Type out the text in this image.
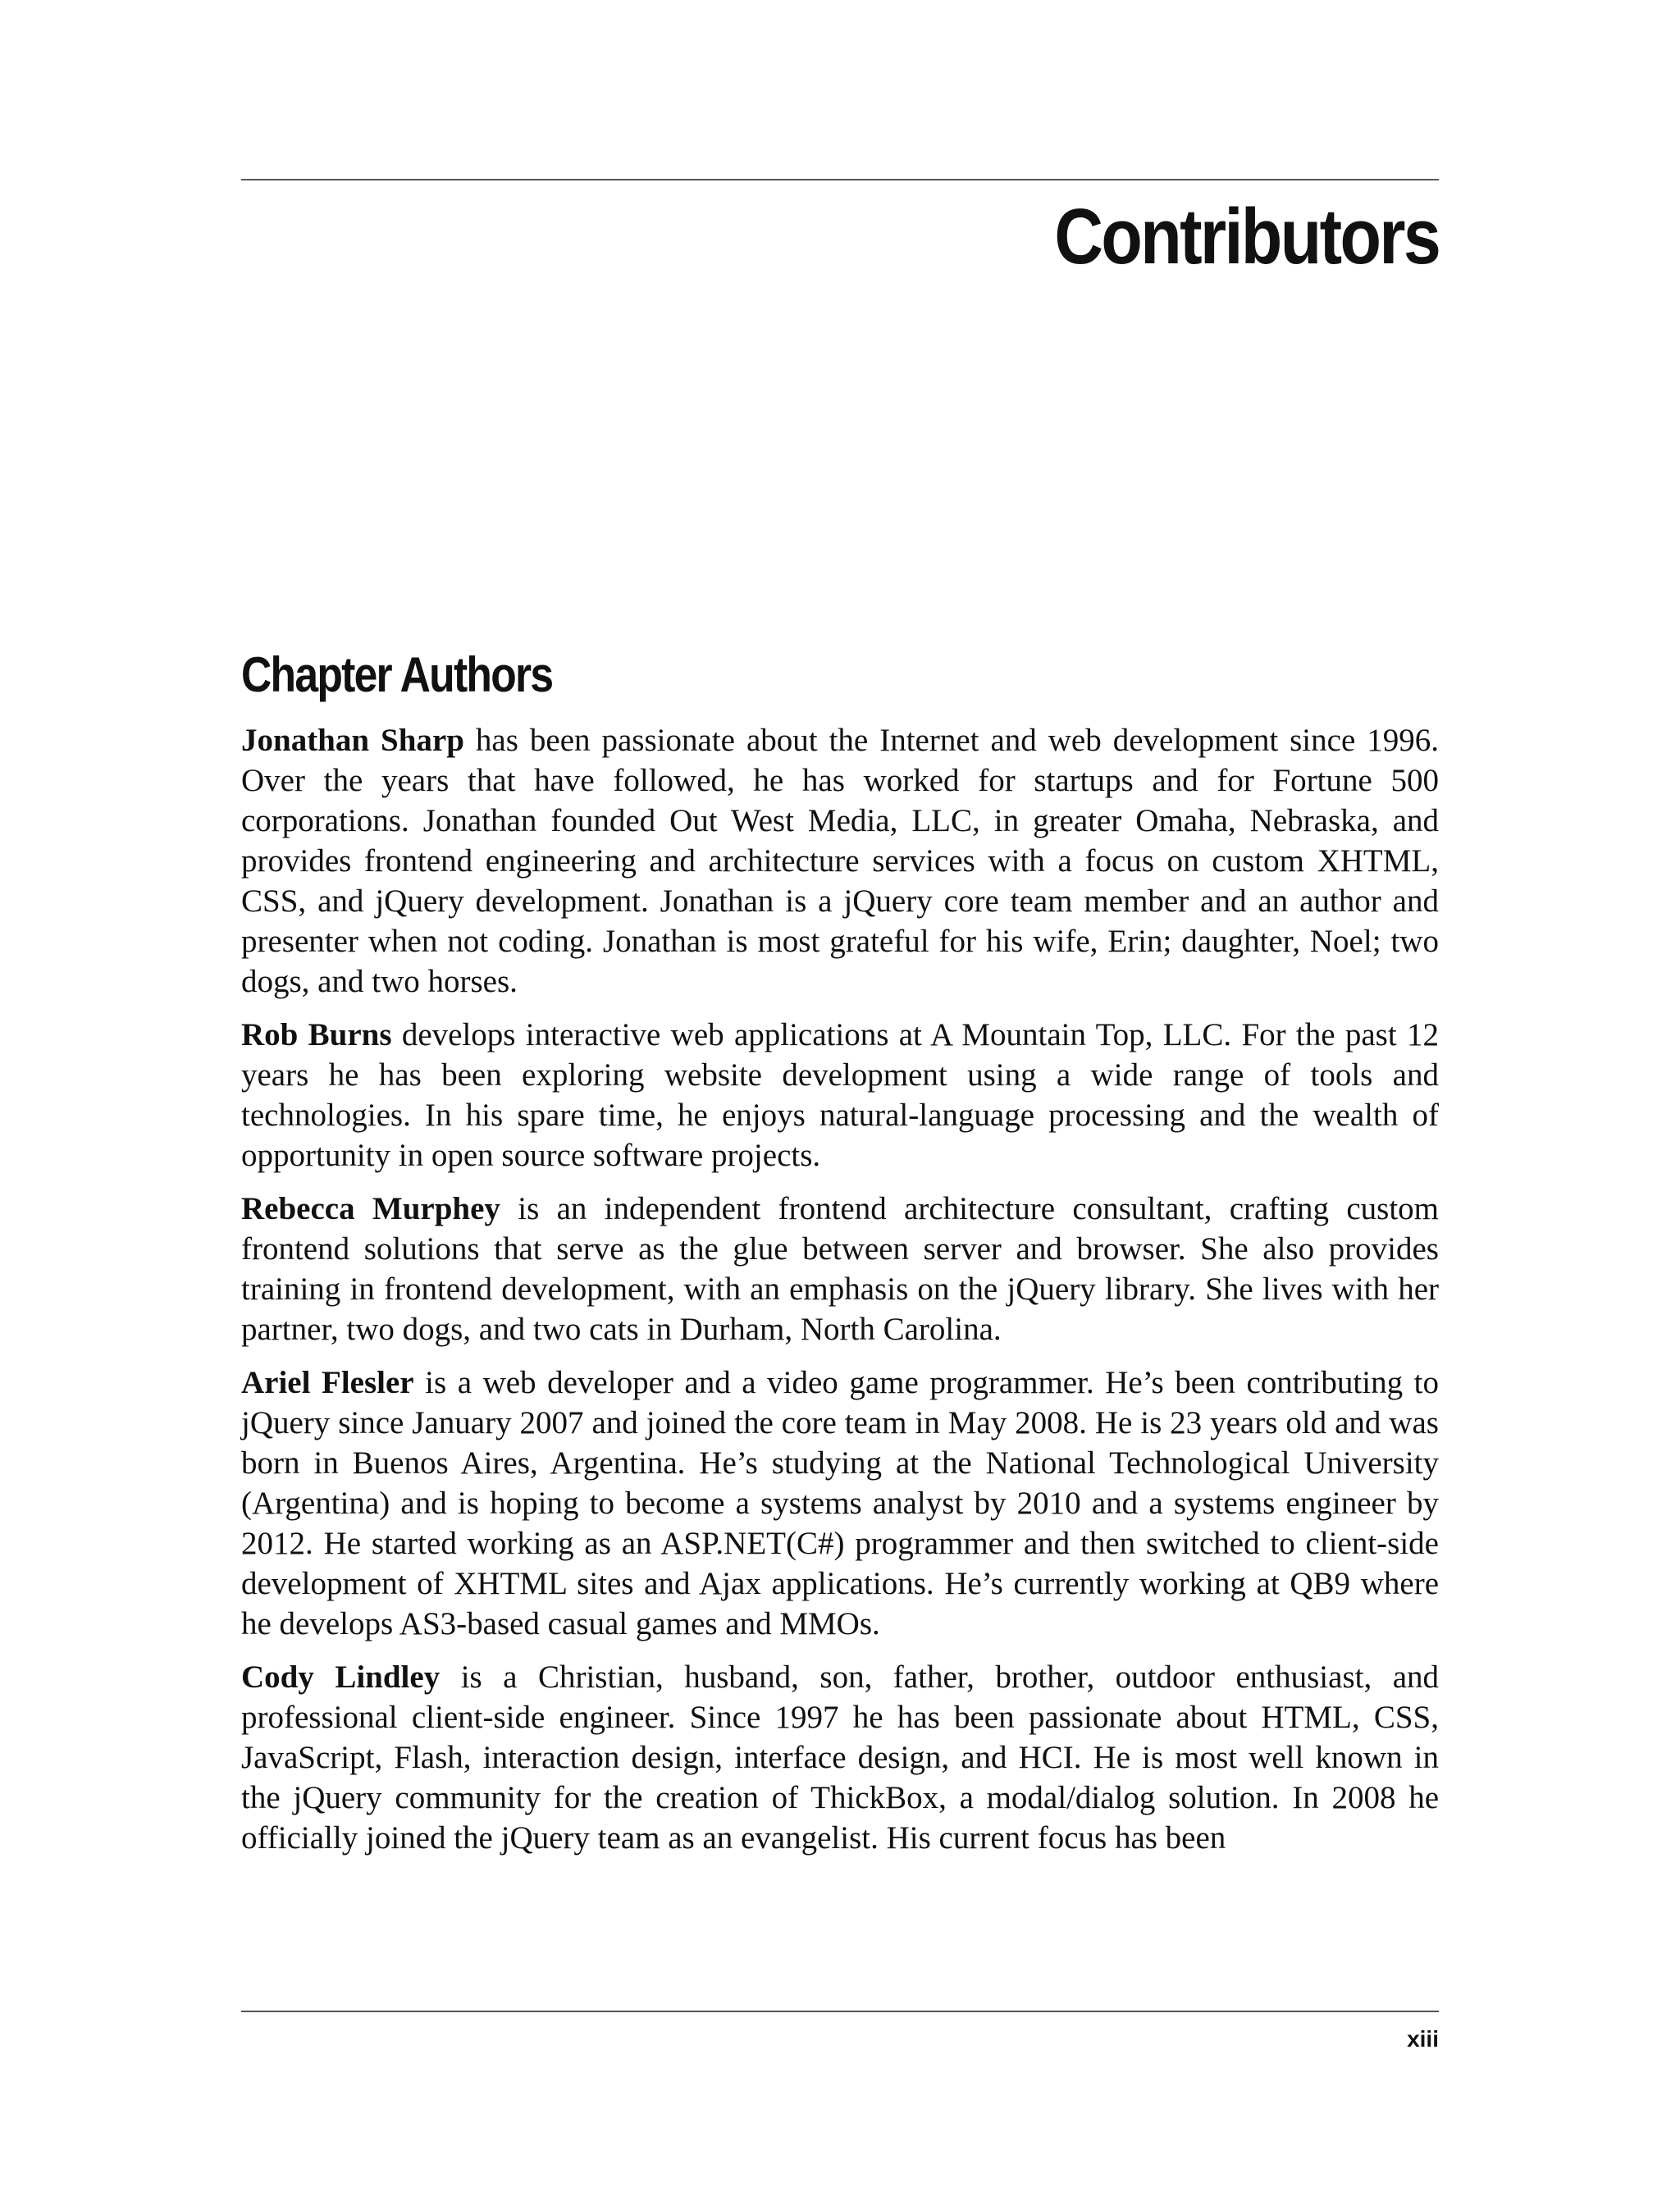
Contributors
Chapter Authors

Jonathan Sharp has been passionate about the Internet and web development since 1996. Over the years that have followed, he has worked for startups and for Fortune 500 corporations. Jonathan founded Out West Media, LLC, in greater Omaha, Nebraska, and provides frontend engineering and architecture services with a focus on custom XHTML, CSS, and jQuery development. Jonathan is a jQuery core team member and an author and presenter when not coding. Jonathan is most grateful for his wife, Erin; daughter, Noel; two dogs, and two horses.

Rob Burns develops interactive web applications at A Mountain Top, LLC. For the past 12 years he has been exploring website development using a wide range of tools and technologies. In his spare time, he enjoys natural-language processing and the wealth of opportunity in open source software projects.

Rebecca Murphey is an independent frontend architecture consultant, crafting custom frontend solutions that serve as the glue between server and browser. She also provides training in frontend development, with an emphasis on the jQuery library. She lives with her partner, two dogs, and two cats in Durham, North Carolina.

Ariel Flesler is a web developer and a video game programmer. He’s been contributing to jQuery since January 2007 and joined the core team in May 2008. He is 23 years old and was born in Buenos Aires, Argentina. He’s studying at the National Technological University (Argentina) and is hoping to become a systems analyst by 2010 and a systems engineer by 2012. He started working as an ASP.NET(C#) programmer and then switched to client-side development of XHTML sites and Ajax applications. He’s currently working at QB9 where he develops AS3-based casual games and MMOs.

Cody Lindley is a Christian, husband, son, father, brother, outdoor enthusiast, and professional client-side engineer. Since 1997 he has been passionate about HTML, CSS, JavaScript, Flash, interaction design, interface design, and HCI. He is most well known in the jQuery community for the creation of ThickBox, a modal/dialog solution. In 2008 he officially joined the jQuery team as an evangelist. His current focus has been

xiii
